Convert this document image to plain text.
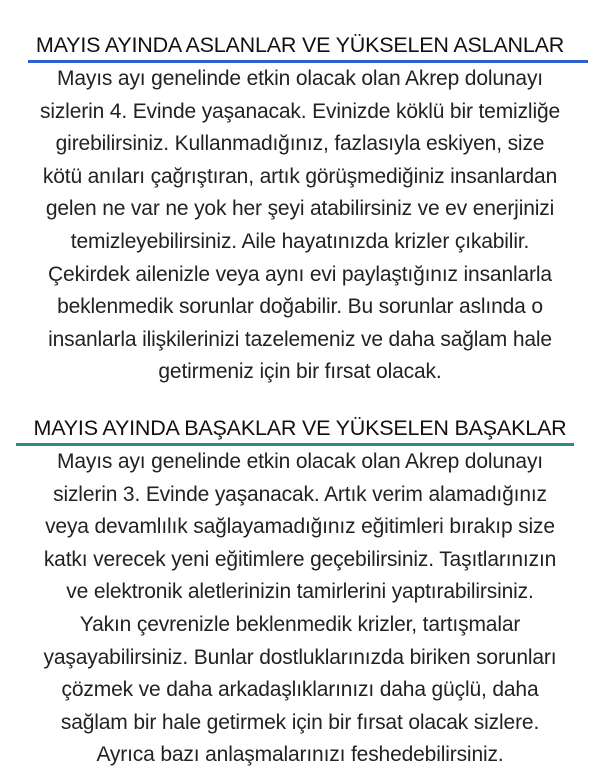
MAYIS AYINDA ASLANLAR VE YÜKSELEN ASLANLAR
Mayıs ayı genelinde etkin olacak olan Akrep dolunayı
sizlerin 4. Evinde yaşanacak. Evinizde köklü bir temizliğe
girebilirsiniz. Kullanmadığınız, fazlasıyla eskiyen, size
kötü anıları çağrıştıran, artık görüşmediğiniz insanlardan
gelen ne var ne yok her şeyi atabilirsiniz ve ev enerjinizi
temizleyebilirsiniz. Aile hayatınızda krizler çıkabilir.
Çekirdek ailenizle veya aynı evi paylaştığınız insanlarla
beklenmedik sorunlar doğabilir. Bu sorunlar aslında o
insanlarla ilişkilerinizi tazelemeniz ve daha sağlam hale
getirmeniz için bir fırsat olacak.
MAYIS AYINDA BAŞAKLAR VE YÜKSELEN BAŞAKLAR
Mayıs ayı genelinde etkin olacak olan Akrep dolunayı
sizlerin 3. Evinde yaşanacak. Artık verim alamadığınız
veya devamlılık sağlayamadığınız eğitimleri bırakıp size
katkı verecek yeni eğitimlere geçebilirsiniz. Taşıtlarınızın
ve elektronik aletlerinizin tamirlerini yaptırabilirsiniz.
Yakın çevrenizle beklenmedik krizler, tartışmalar
yaşayabilirsiniz. Bunlar dostluklarınızda biriken sorunları
çözmek ve daha arkadaşlıklarınızı daha güçlü, daha
sağlam bir hale getirmek için bir fırsat olacak sizlere.
Ayrıca bazı anlaşmalarınızı feshedebilirsiniz.
